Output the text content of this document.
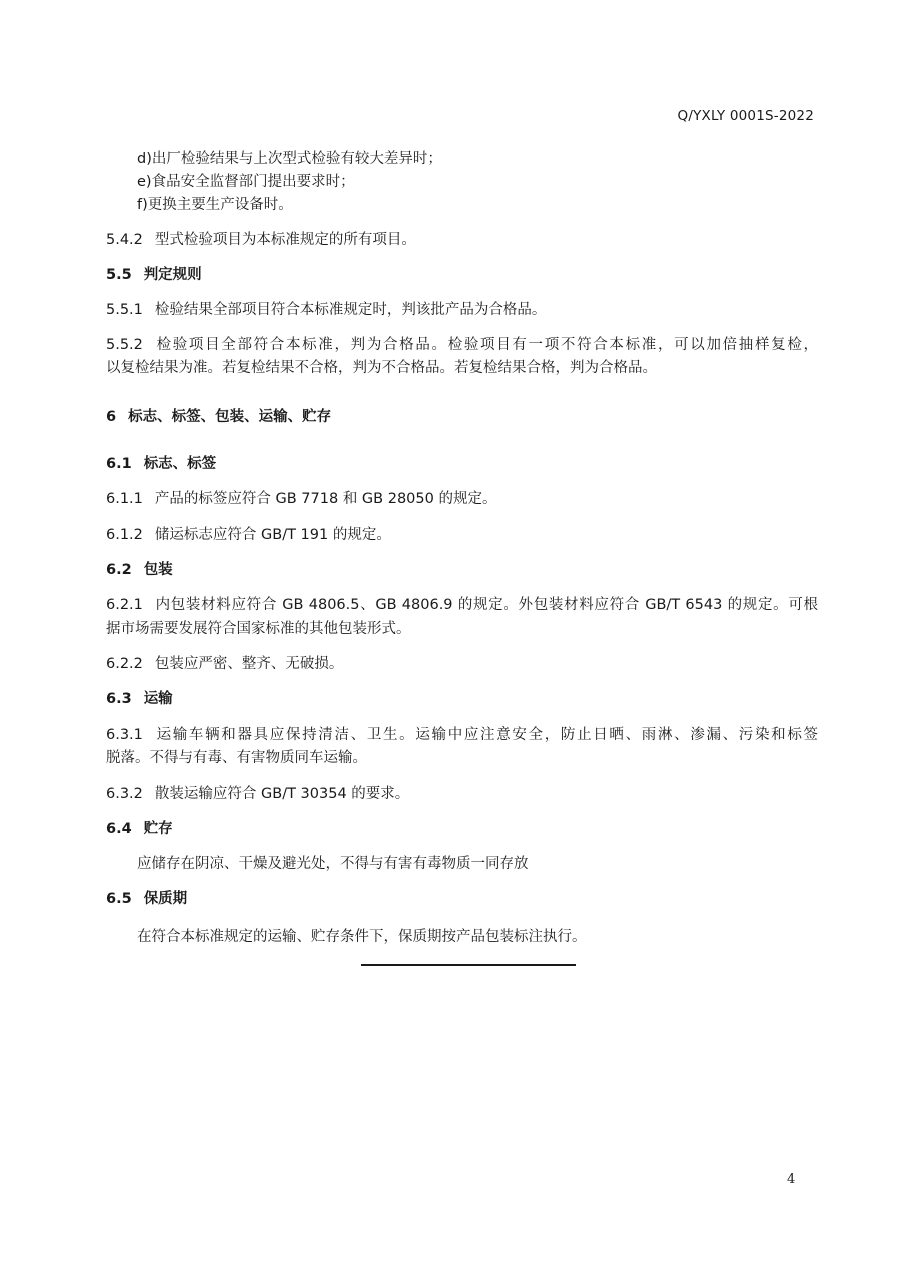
Q/YXLY 0001S-2022
d)出厂检验结果与上次型式检验有较大差异时；
e)食品安全监督部门提出要求时；
f)更换主要生产设备时。
5.4.2 型式检验项目为本标准规定的所有项目。
5.5 判定规则
5.5.1 检验结果全部项目符合本标准规定时，判该批产品为合格品。
5.5.2 检验项目全部符合本标准，判为合格品。检验项目有一项不符合本标准，可以加倍抽样复检，
以复检结果为准。若复检结果不合格，判为不合格品。若复检结果合格，判为合格品。
6 标志、标签、包装、运输、贮存
6.1 标志、标签
6.1.1 产品的标签应符合 GB 7718 和 GB 28050 的规定。
6.1.2 储运标志应符合 GB/T 191 的规定。
6.2 包装
6.2.1 内包装材料应符合 GB 4806.5、GB 4806.9 的规定。外包装材料应符合 GB/T 6543 的规定。可根
据市场需要发展符合国家标准的其他包装形式。
6.2.2 包装应严密、整齐、无破损。
6.3 运输
6.3.1 运输车辆和器具应保持清洁、卫生。运输中应注意安全，防止日晒、雨淋、渗漏、污染和标签
脱落。不得与有毒、有害物质同车运输。
6.3.2 散装运输应符合 GB/T 30354 的要求。
6.4 贮存
应储存在阴凉、干燥及避光处，不得与有害有毒物质一同存放
6.5 保质期
在符合本标准规定的运输、贮存条件下，保质期按产品包装标注执行。
4
